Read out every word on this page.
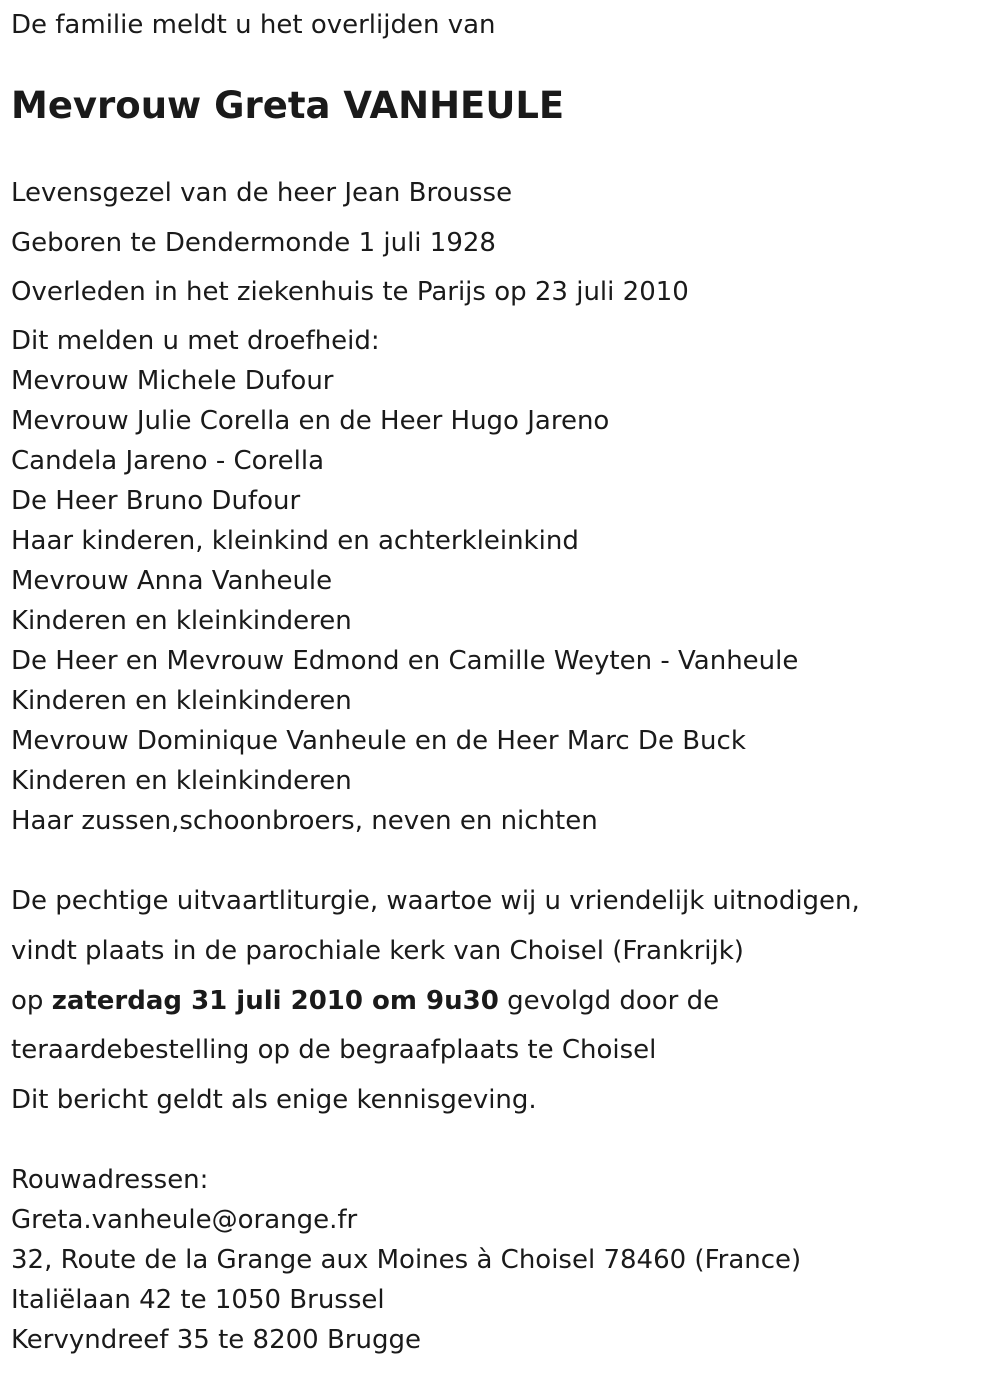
De familie meldt u het overlijden van
Mevrouw Greta VANHEULE
Levensgezel van de heer Jean Brousse
Geboren te Dendermonde 1 juli 1928
Overleden in het ziekenhuis te Parijs op 23 juli 2010
Dit melden u met droefheid:
Mevrouw Michele Dufour
Mevrouw Julie Corella en de Heer Hugo Jareno
Candela Jareno - Corella
De Heer Bruno Dufour
Haar kinderen, kleinkind en achterkleinkind
Mevrouw Anna Vanheule
Kinderen en kleinkinderen
De Heer en Mevrouw Edmond en Camille Weyten - Vanheule
Kinderen en kleinkinderen
Mevrouw Dominique Vanheule en de Heer Marc De Buck
Kinderen en kleinkinderen
Haar zussen,schoonbroers, neven en nichten
De pechtige uitvaartliturgie, waartoe wij u vriendelijk uitnodigen,
vindt plaats in de parochiale kerk van Choisel (Frankrijk)
op zaterdag 31 juli 2010 om 9u30 gevolgd door de
teraardebestelling op de begraafplaats te Choisel
Dit bericht geldt als enige kennisgeving.
Rouwadressen:
Greta.vanheule@orange.fr
32, Route de la Grange aux Moines à Choisel 78460 (France)
Italiëlaan 42 te 1050 Brussel
Kervyndreef 35 te 8200 Brugge
